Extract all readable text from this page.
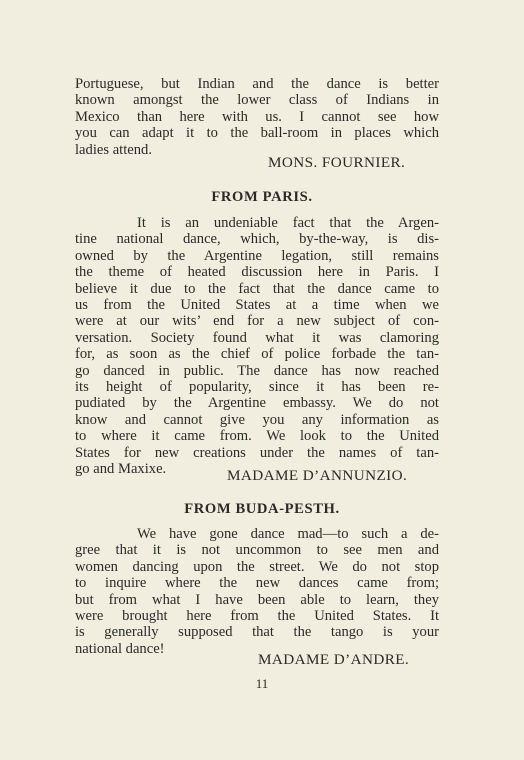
Portuguese, but Indian and the dance is better

known amongst the lower class of Indians in

Mexico than here with us. I cannot see how

you can adapt it to the ball-room in places which

ladies attend.

MONS. FOURNIER.
FROM PARIS.

It is an undeniable fact that the Argen-

tine national dance, which, by-the-way, is dis-

owned by the Argentine legation, still remains

the theme of heated discussion here in Paris. I

believe it due to the fact that the dance came to

us from the United States at a time when we

were at our wits’ end for a new subject of con-

versation. Society found what it was clamoring

for, as soon as the chief of police forbade the tan-

go danced in public. The dance has now reached

its height of popularity, since it has been re-

pudiated by the Argentine embassy. We do not

know and cannot give you any information as

to where it came from. We look to the United

States for new creations under the names of tan-

go and Maxixe.	MADAME D’ANNUNZIO.
FROM BUDA-PESTH.

We have gone dance mad—to such a de-

gree that it is not uncommon to see men and

women dancing upon the street. We do not stop

to inquire where the new dances came from;

but from what I have been able to learn, they

were brought here from the United States. It

is generally supposed that the tango is your

national dance!

MADAME D’ANDRE.
11
